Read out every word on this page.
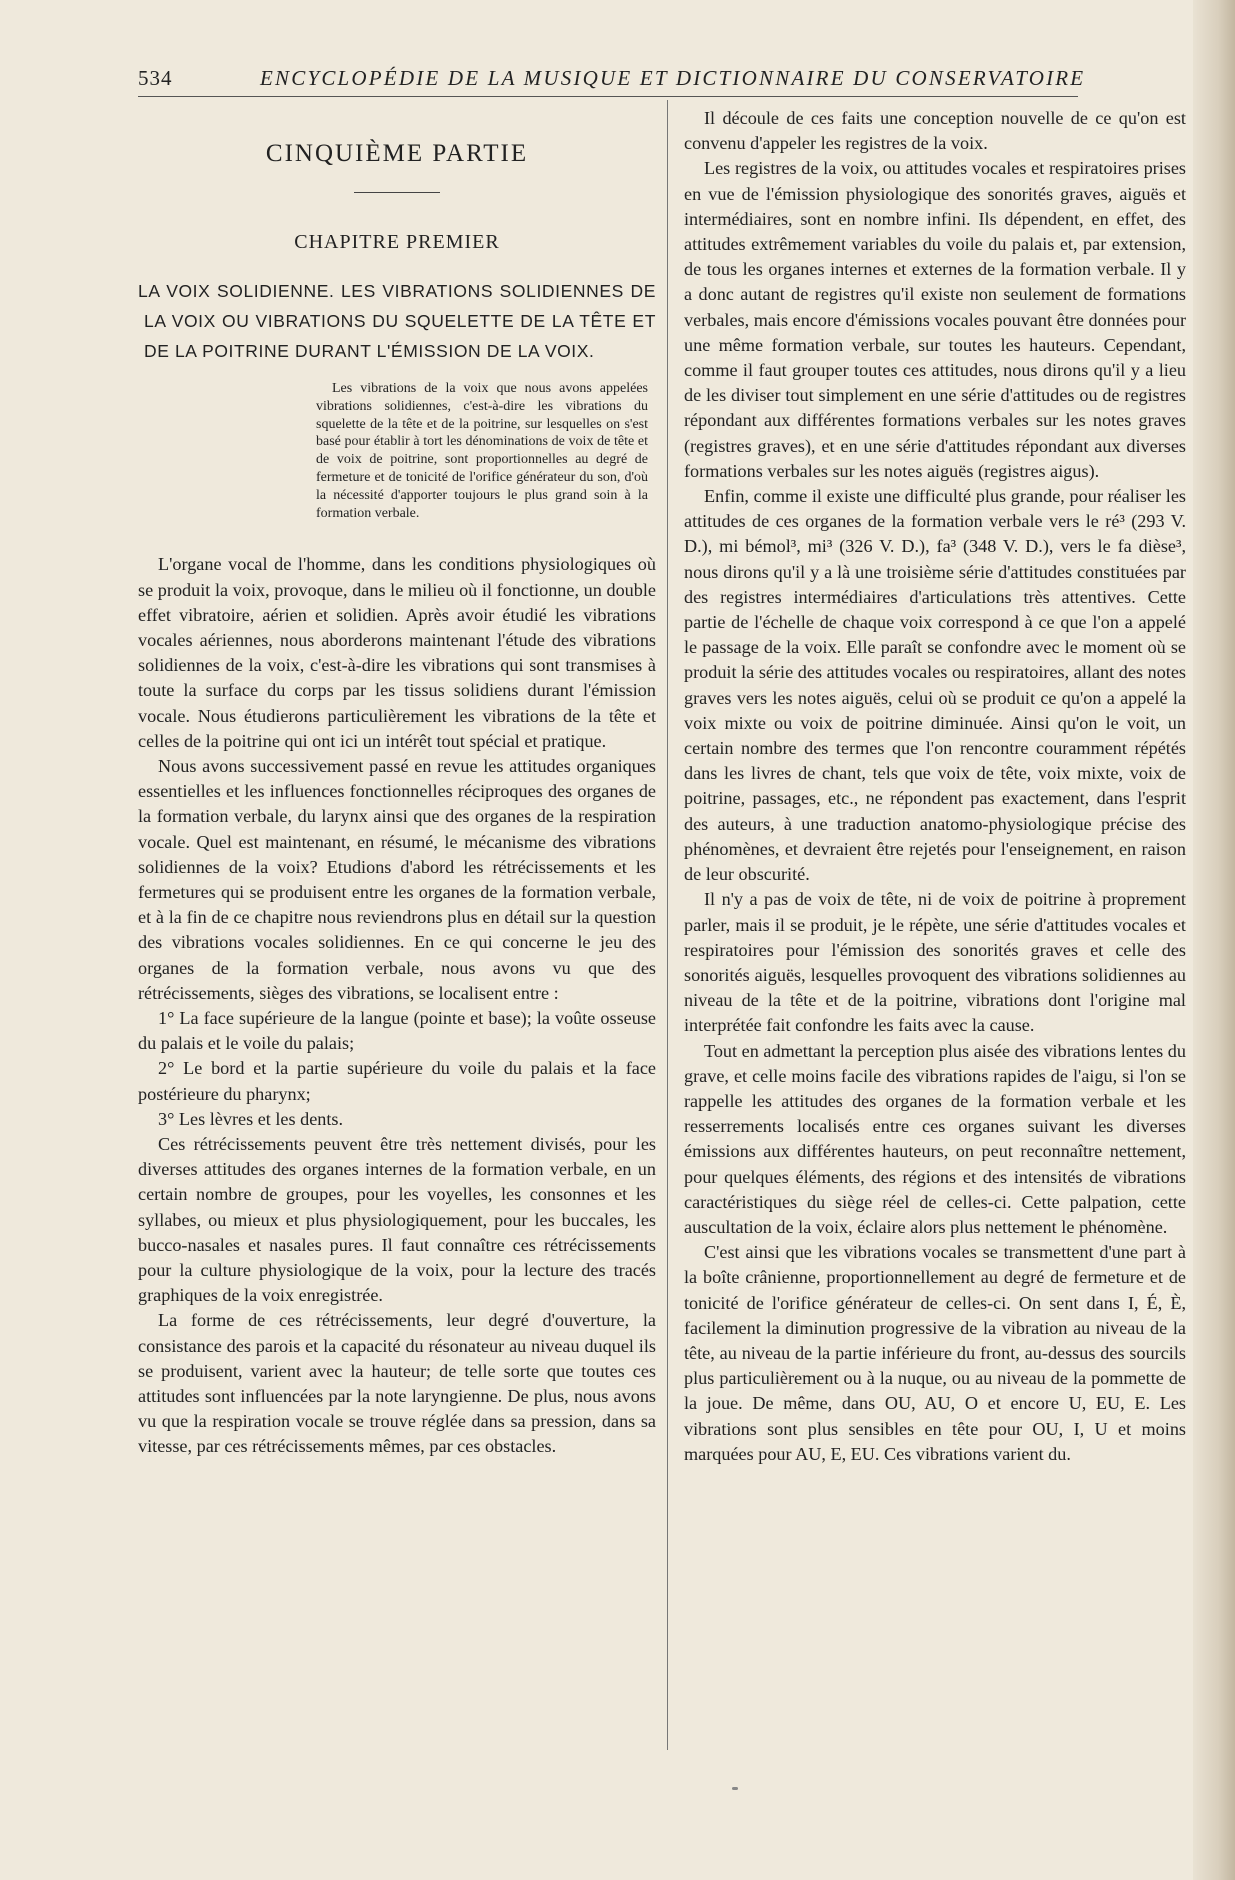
534	ENCYCLOPÉDIE DE LA MUSIQUE ET DICTIONNAIRE DU CONSERVATOIRE
CINQUIÈME PARTIE
CHAPITRE PREMIER
LA VOIX SOLIDIENNE. LES VIBRATIONS SOLIDIENNES DE LA VOIX OU VIBRATIONS DU SQUELETTE DE LA TÊTE ET DE LA POITRINE DURANT L'ÉMISSION DE LA VOIX.

Les vibrations de la voix que nous avons appelées vibrations solidiennes, c'est-à-dire les vibrations du squelette de la tête et de la poitrine, sur lesquelles on s'est basé pour établir à tort les dénominations de voix de tête et de voix de poitrine, sont proportionnelles au degré de fermeture et de tonicité de l'orifice générateur du son, d'où la nécessité d'apporter toujours le plus grand soin à la formation verbale.

L'organe vocal de l'homme, dans les conditions physiologiques où se produit la voix, provoque, dans le milieu où il fonctionne, un double effet vibratoire, aérien et solidien. Après avoir étudié les vibrations vocales aériennes, nous aborderons maintenant l'étude des vibrations solidiennes de la voix, c'est-à-dire les vibrations qui sont transmises à toute la surface du corps par les tissus solidiens durant l'émission vocale. Nous étudierons particulièrement les vibrations de la tête et celles de la poitrine qui ont ici un intérêt tout spécial et pratique.

Nous avons successivement passé en revue les attitudes organiques essentielles et les influences fonctionnelles réciproques des organes de la formation verbale, du larynx ainsi que des organes de la respiration vocale. Quel est maintenant, en résumé, le mécanisme des vibrations solidiennes de la voix? Etudions d'abord les rétrécissements et les fermetures qui se produisent entre les organes de la formation verbale, et à la fin de ce chapitre nous reviendrons plus en détail sur la question des vibrations vocales solidiennes. En ce qui concerne le jeu des organes de la formation verbale, nous avons vu que des rétrécissements, sièges des vibrations, se localisent entre :

1° La face supérieure de la langue (pointe et base); la voûte osseuse du palais et le voile du palais;

2° Le bord et la partie supérieure du voile du palais et la face postérieure du pharynx;

3° Les lèvres et les dents.

Ces rétrécissements peuvent être très nettement divisés, pour les diverses attitudes des organes internes de la formation verbale, en un certain nombre de groupes, pour les voyelles, les consonnes et les syllabes, ou mieux et plus physiologiquement, pour les buccales, les bucco-nasales et nasales pures. Il faut connaître ces rétrécissements pour la culture physiologique de la voix, pour la lecture des tracés graphiques de la voix enregistrée.

La forme de ces rétrécissements, leur degré d'ouverture, la consistance des parois et la capacité du résonateur au niveau duquel ils se produisent, varient avec la hauteur; de telle sorte que toutes ces attitudes sont influencées par la note laryngienne. De plus, nous avons vu que la respiration vocale se trouve réglée dans sa pression, dans sa vitesse, par ces rétrécissements mêmes, par ces obstacles.

Il découle de ces faits une conception nouvelle de ce qu'on est convenu d'appeler les registres de la voix.

Les registres de la voix, ou attitudes vocales et respiratoires prises en vue de l'émission physiologique des sonorités graves, aiguës et intermédiaires, sont en nombre infini. Ils dépendent, en effet, des attitudes extrêmement variables du voile du palais et, par extension, de tous les organes internes et externes de la formation verbale. Il y a donc autant de registres qu'il existe non seulement de formations verbales, mais encore d'émissions vocales pouvant être données pour une même formation verbale, sur toutes les hauteurs. Cependant, comme il faut grouper toutes ces attitudes, nous dirons qu'il y a lieu de les diviser tout simplement en une série d'attitudes ou de registres répondant aux différentes formations verbales sur les notes graves (registres graves), et en une série d'attitudes répondant aux diverses formations verbales sur les notes aiguës (registres aigus).

Enfin, comme il existe une difficulté plus grande, pour réaliser les attitudes de ces organes de la formation verbale vers le ré³ (293 V. D.), mi bémol³, mi³ (326 V. D.), fa³ (348 V. D.), vers le fa dièse³, nous dirons qu'il y a là une troisième série d'attitudes constituées par des registres intermédiaires d'articulations très attentives. Cette partie de l'échelle de chaque voix correspond à ce que l'on a appelé le passage de la voix. Elle paraît se confondre avec le moment où se produit la série des attitudes vocales ou respiratoires, allant des notes graves vers les notes aiguës, celui où se produit ce qu'on a appelé la voix mixte ou voix de poitrine diminuée. Ainsi qu'on le voit, un certain nombre des termes que l'on rencontre couramment répétés dans les livres de chant, tels que voix de tête, voix mixte, voix de poitrine, passages, etc., ne répondent pas exactement, dans l'esprit des auteurs, à une traduction anatomo-physiologique précise des phénomènes, et devraient être rejetés pour l'enseignement, en raison de leur obscurité.

Il n'y a pas de voix de tête, ni de voix de poitrine à proprement parler, mais il se produit, je le répète, une série d'attitudes vocales et respiratoires pour l'émission des sonorités graves et celle des sonorités aiguës, lesquelles provoquent des vibrations solidiennes au niveau de la tête et de la poitrine, vibrations dont l'origine mal interprétée fait confondre les faits avec la cause.

Tout en admettant la perception plus aisée des vibrations lentes du grave, et celle moins facile des vibrations rapides de l'aigu, si l'on se rappelle les attitudes des organes de la formation verbale et les resserrements localisés entre ces organes suivant les diverses émissions aux différentes hauteurs, on peut reconnaître nettement, pour quelques éléments, des régions et des intensités de vibrations caractéristiques du siège réel de celles-ci. Cette palpation, cette auscultation de la voix, éclaire alors plus nettement le phénomène.

C'est ainsi que les vibrations vocales se transmettent d'une part à la boîte crânienne, proportionnellement au degré de fermeture et de tonicité de l'orifice générateur de celles-ci. On sent dans I, É, È, facilement la diminution progressive de la vibration au niveau de la tête, au niveau de la partie inférieure du front, au-dessus des sourcils plus particulièrement ou à la nuque, ou au niveau de la pommette de la joue. De même, dans OU, AU, O et encore U, EU, E. Les vibrations sont plus sensibles en tête pour OU, I, U et moins marquées pour AU, E, EU. Ces vibrations varient du.
